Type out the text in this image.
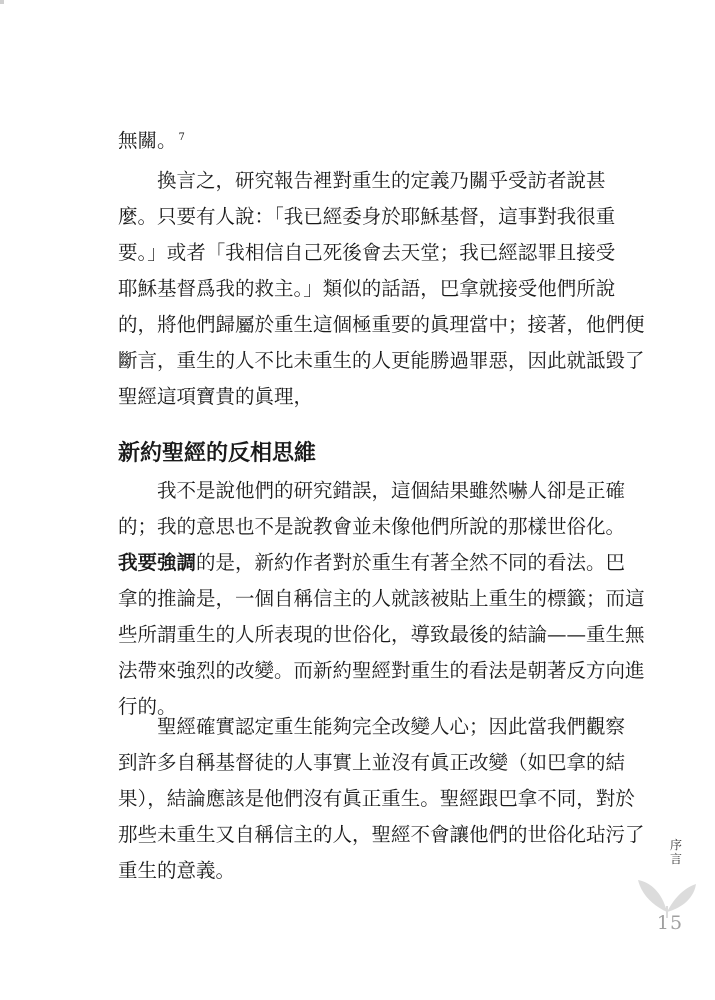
無關。 $^7$
換言之，研究報告裡對重生的定義乃關乎受訪者說甚
麼。只要有人說：「我已經委身於耶穌基督，這事對我很重
要。」或者「我相信自己死後會去天堂；我已經認罪且接受
耶穌基督爲我的救主。」類似的話語，巴拿就接受他們所說
的，將他們歸屬於重生這個極重要的眞理當中；接著，他們便
斷言，重生的人不比未重生的人更能勝過罪惡，因此就詆毀了
聖經這項寶貴的眞理，
新約聖經的反相思維
我不是說他們的研究錯誤，這個結果雖然嚇人卻是正確
的；我的意思也不是說教會並未像他們所說的那樣世俗化。
我要強調的是，新約作者對於重生有著全然不同的看法。巴
拿的推論是，一個自稱信主的人就該被貼上重生的標籤；而這
些所謂重生的人所表現的世俗化，導致最後的結論——重生無
法帶來強烈的改變。而新約聖經對重生的看法是朝著反方向進
行的。
聖經確實認定重生能夠完全改變人心；因此當我們觀察
到許多自稱基督徒的人事實上並沒有眞正改變（如巴拿的結
果），結論應該是他們沒有眞正重生。聖經跟巴拿不同，對於
那些未重生又自稱信主的人，聖經不會讓他們的世俗化玷污了
重生的意義。
序
言
15
